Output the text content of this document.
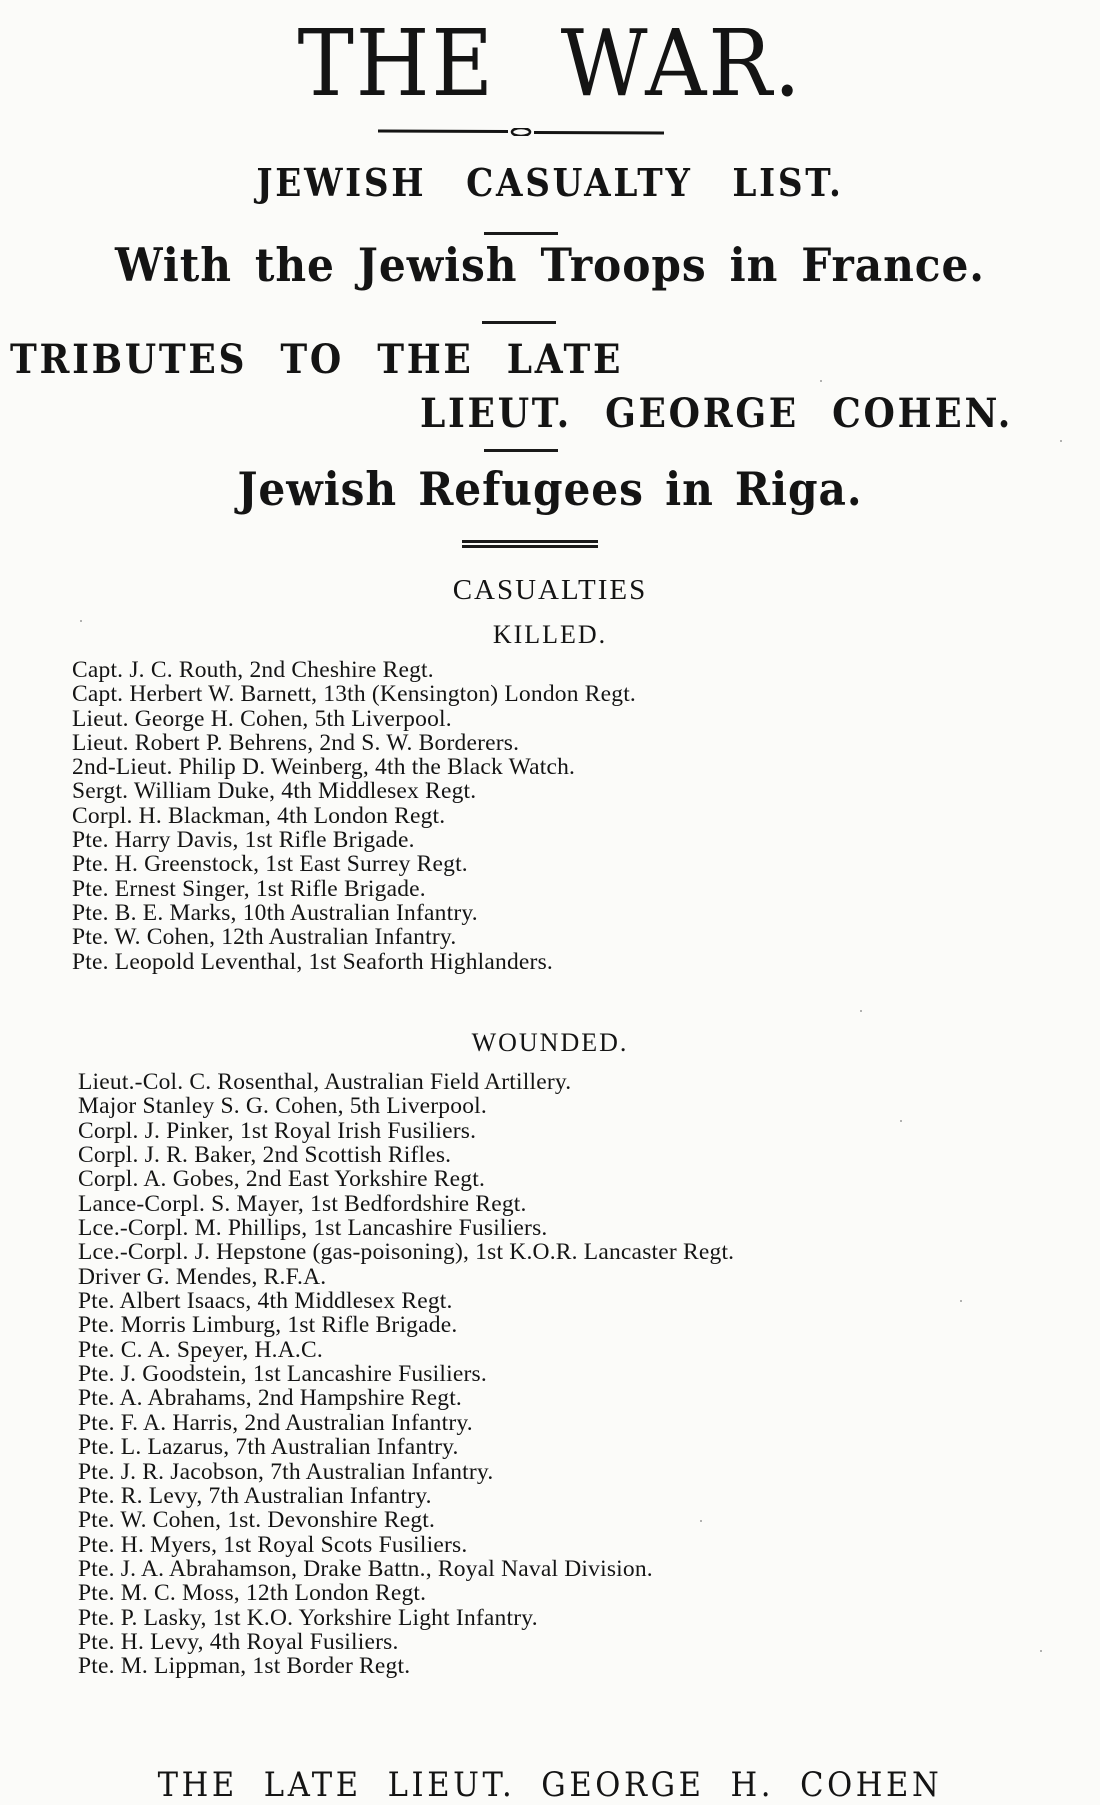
THE WAR.
JEWISH CASUALTY LIST.
With the Jewish Troops in France.
TRIBUTES TO THE LATE
LIEUT. GEORGE COHEN.
Jewish Refugees in Riga.
CASUALTIES
KILLED.
Capt. J. C. Routh, 2nd Cheshire Regt.
Capt. Herbert W. Barnett, 13th (Kensington) London Regt.
Lieut. George H. Cohen, 5th Liverpool.
Lieut. Robert P. Behrens, 2nd S. W. Borderers.
2nd-Lieut. Philip D. Weinberg, 4th the Black Watch.
Sergt. William Duke, 4th Middlesex Regt.
Corpl. H. Blackman, 4th London Regt.
Pte. Harry Davis, 1st Rifle Brigade.
Pte. H. Greenstock, 1st East Surrey Regt.
Pte. Ernest Singer, 1st Rifle Brigade.
Pte. B. E. Marks, 10th Australian Infantry.
Pte. W. Cohen, 12th Australian Infantry.
Pte. Leopold Leventhal, 1st Seaforth Highlanders.
WOUNDED.
Lieut.-Col. C. Rosenthal, Australian Field Artillery.
Major Stanley S. G. Cohen, 5th Liverpool.
Corpl. J. Pinker, 1st Royal Irish Fusiliers.
Corpl. J. R. Baker, 2nd Scottish Rifles.
Corpl. A. Gobes, 2nd East Yorkshire Regt.
Lance-Corpl. S. Mayer, 1st Bedfordshire Regt.
Lce.-Corpl. M. Phillips, 1st Lancashire Fusiliers.
Lce.-Corpl. J. Hepstone (gas-poisoning), 1st K.O.R. Lancaster Regt.
Driver G. Mendes, R.F.A.
Pte. Albert Isaacs, 4th Middlesex Regt.
Pte. Morris Limburg, 1st Rifle Brigade.
Pte. C. A. Speyer, H.A.C.
Pte. J. Goodstein, 1st Lancashire Fusiliers.
Pte. A. Abrahams, 2nd Hampshire Regt.
Pte. F. A. Harris, 2nd Australian Infantry.
Pte. L. Lazarus, 7th Australian Infantry.
Pte. J. R. Jacobson, 7th Australian Infantry.
Pte. R. Levy, 7th Australian Infantry.
Pte. W. Cohen, 1st. Devonshire Regt.
Pte. H. Myers, 1st Royal Scots Fusiliers.
Pte. J. A. Abrahamson, Drake Battn., Royal Naval Division.
Pte. M. C. Moss, 12th London Regt.
Pte. P. Lasky, 1st K.O. Yorkshire Light Infantry.
Pte. H. Levy, 4th Royal Fusiliers.
Pte. M. Lippman, 1st Border Regt.
THE LATE LIEUT. GEORGE H. COHEN
